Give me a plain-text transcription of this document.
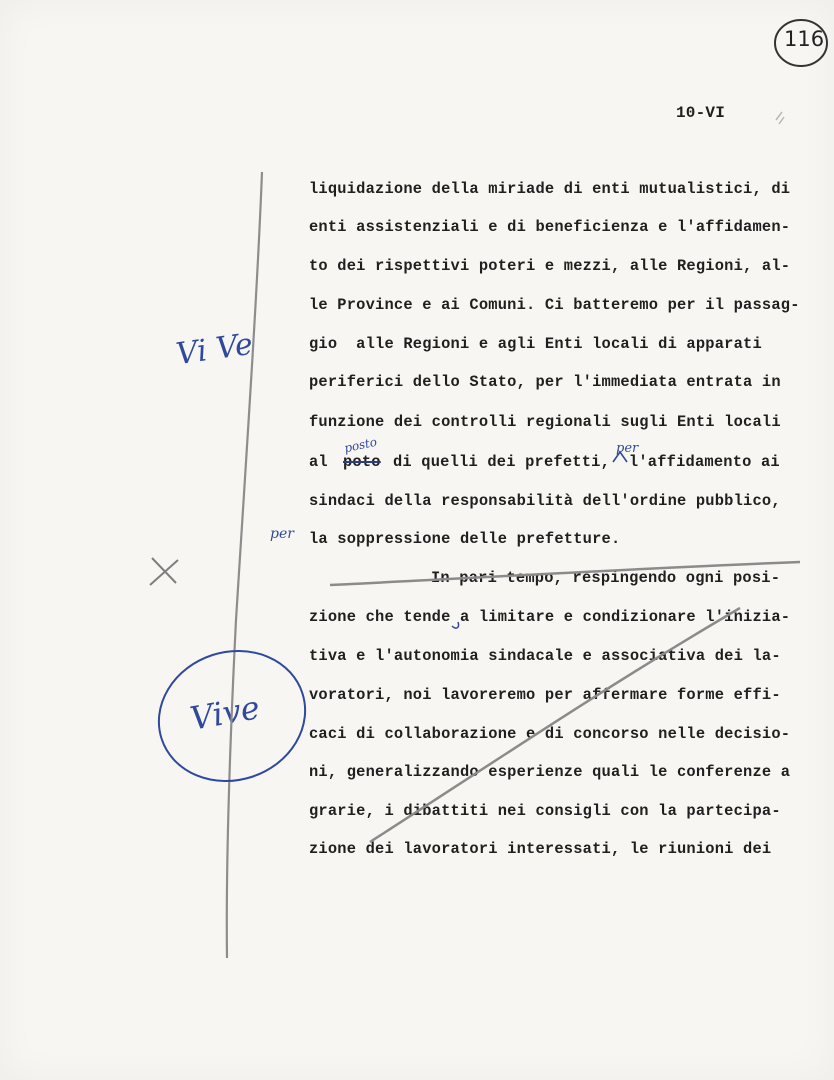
116
10-VI
liquidazione della miriade di enti mutualistici, di
enti assistenziali e di beneficienza e l'affidamen-
to dei rispettivi poteri e mezzi, alle Regioni, al-
le Province e ai Comuni. Ci batteremo per il passag-
gio  alle Regioni e agli Enti locali di apparati
periferici dello Stato, per l'immediata entrata in
funzione dei controlli regionali sugli Enti locali
al poto di quelli dei prefetti,  l'affidamento ai
sindaci della responsabilità dell'ordine pubblico,
la soppressione delle prefetture.
In pari tempo, respingendo ogni posi-
zione che tende a limitare e condizionare l'inizia-
tiva e l'autonomia sindacale e associativa dei la-
voratori, noi lavoreremo per affermare forme effi-
caci di collaborazione e di concorso nelle decisio-
ni, generalizzando esperienze quali le conferenze a
grarie, i dibattiti nei consigli con la partecipa-
zione dei lavoratori interessati, le riunioni dei
posto	per
per
Vi Ve
Vive
